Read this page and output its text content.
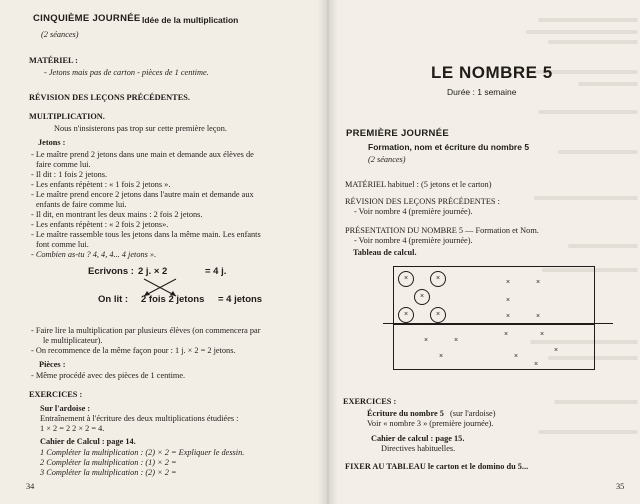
CINQUIÈME JOURNÉE Idée de la multiplication
(2 séances)
MATÉRIEL :
- Jetons mais pas de carton - pièces de 1 centime.
RÉVISION DES LEÇONS PRÉCÉDENTES.
MULTIPLICATION.
Nous n'insisterons pas trop sur cette première leçon.
Jetons :
- Le maître prend 2 jetons dans une main et demande aux élèves de
faire comme lui.
- Il dit : 1 fois 2 jetons.
- Les enfants répètent : « 1 fois 2 jetons ».
- Le maître prend encore 2 jetons dans l'autre main et demande aux
enfants de faire comme lui.
- Il dit, en montrant les deux mains : 2 fois 2 jetons.
- Les enfants répètent : « 2 fois 2 jetons».
- Le maître rassemble tous les jetons dans la même main. Les enfants
font comme lui.
- Combien as-tu ? 4, 4, 4... 4 jetons ».
Ecrivons : 2 j. × 2	= 4 j.
On lit : 2 fois 2 jetons = 4 jetons
- Faire lire la multiplication par plusieurs élèves (on commencera par
le multiplicateur).
- On recommence de la même façon pour : 1 j. × 2 = 2 jetons.
Pièces :
- Même procédé avec des pièces de 1 centime.
EXERCICES :
Sur l'ardoise :
Entraînement à l'écriture des deux multiplications étudiées :
1 × 2 = 2 2 × 2 = 4.
Cahier de Calcul : page 14.
1 Compléter la multiplication : (2) × 2 = Expliquer le dessin.
2 Compléter la multiplication : (1) × 2 =
3 Compléter la multiplication : (2) × 2 =
34
LE NOMBRE 5
Durée : 1 semaine
PREMIÈRE JOURNÉE
Formation, nom et écriture du nombre 5
(2 séances)
MATÉRIEL habituel : (5 jetons et le carton)
RÉVISION DES LEÇONS PRÉCÉDENTES :
- Voir nombre 4 (première journée).
PRÉSENTATION DU NOMBRE 5 — Formation et Nom.
- Voir nombre 4 (première journée).
Tableau de calcul.
×	×
×
×	×
×	×
×
×	×
×	×
×
×	×
×
×
×
EXERCICES :
Écriture du nombre 5 (sur l'ardoise)
Voir « nombre 3 » (première journée).
Cahier de calcul : page 15.
Directives habituelles.
FIXER AU TABLEAU le carton et le domino du 5...
35
